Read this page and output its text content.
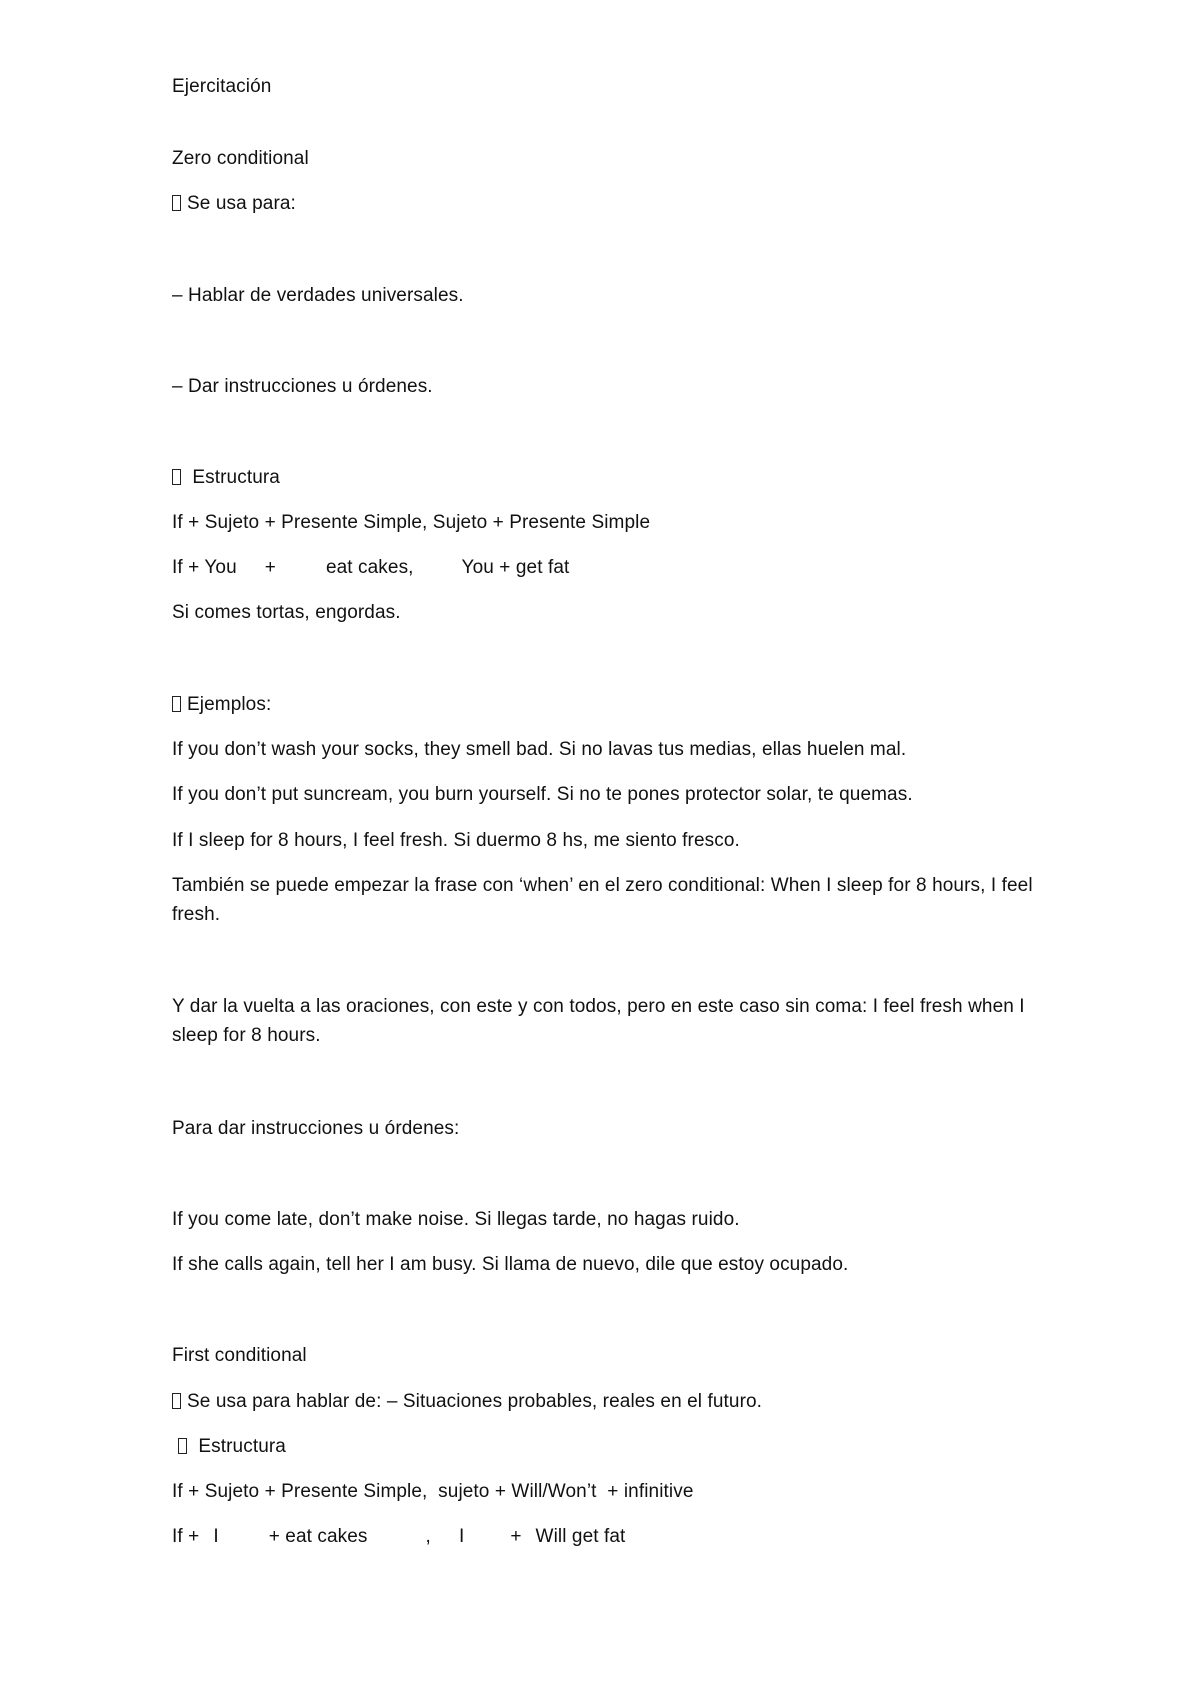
Ejercitación
Zero conditional
Se usa para:
– Hablar de verdades universales.
– Dar instrucciones u órdenes.
Estructura
If + Sujeto + Presente Simple, Sujeto + Presente Simple
If + You +	eat cakes,	You + get fat
Si comes tortas, engordas.
Ejemplos:
If you don’t wash your socks, they smell bad. Si no lavas tus medias, ellas huelen mal.
If you don’t put suncream, you burn yourself. Si no te pones protector solar, te quemas.
If I sleep for 8 hours, I feel fresh. Si duermo 8 hs, me siento fresco.
También se puede empezar la frase con ‘when’ en el zero conditional: When I sleep for 8 hours, I feel fresh.
Y dar la vuelta a las oraciones, con este y con todos, pero en este caso sin coma: I feel fresh when I sleep for 8 hours.
Para dar instrucciones u órdenes:
If you come late, don’t make noise. Si llegas tarde, no hagas ruido.
If she calls again, tell her I am busy. Si llama de nuevo, dile que estoy ocupado.
First conditional
Se usa para hablar de: – Situaciones probables, reales en el futuro.
Estructura
If + Sujeto + Presente Simple,  sujeto + Will/Won’t  + infinitive
If + I	+ eat cakes	, I + Will get fat
